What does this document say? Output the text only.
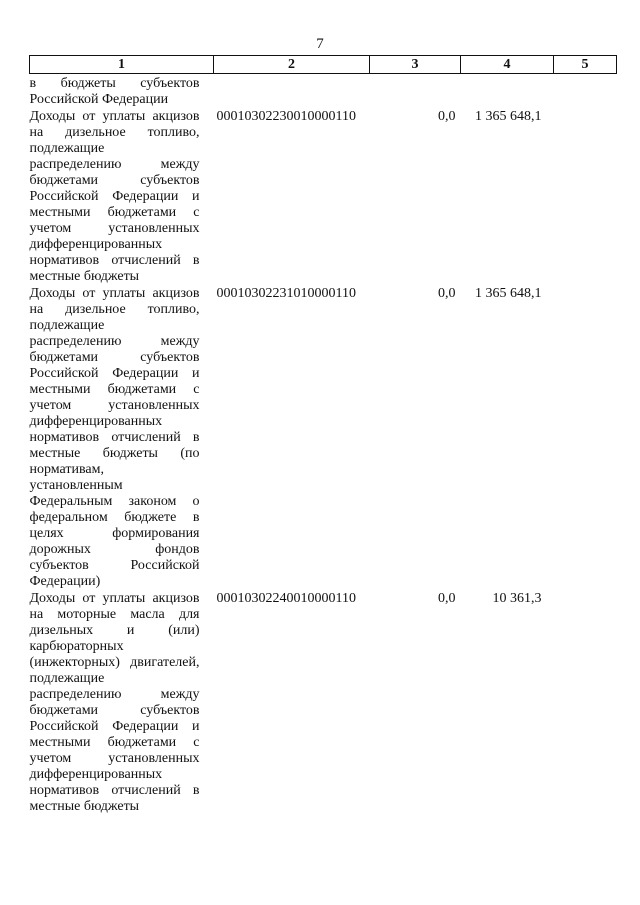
7
1	2	3	4	5
в бюджеты субъектов Российской Федерации				
Доходы от уплаты акцизов на дизельное топливо, подлежащие распределению между бюджетами субъектов Российской Федерации и местными бюджетами с учетом установленных дифференцированных нормативов отчислений в местные бюджеты	00010302230010000110	0,0	1 365 648,1	
Доходы от уплаты акцизов на дизельное топливо, подлежащие распределению между бюджетами субъектов Российской Федерации и местными бюджетами с учетом установленных дифференцированных нормативов отчислений в местные бюджеты (по нормативам, установленным Федеральным законом о федеральном бюджете в целях формирования дорожных фондов субъектов Российской Федерации)	00010302231010000110	0,0	1 365 648,1	
Доходы от уплаты акцизов на моторные масла для дизельных и (или) карбюраторных (инжекторных) двигателей, подлежащие распределению между бюджетами субъектов Российской Федерации и местными бюджетами с учетом установленных дифференцированных нормативов отчислений в местные бюджеты	00010302240010000110	0,0	10 361,3	
